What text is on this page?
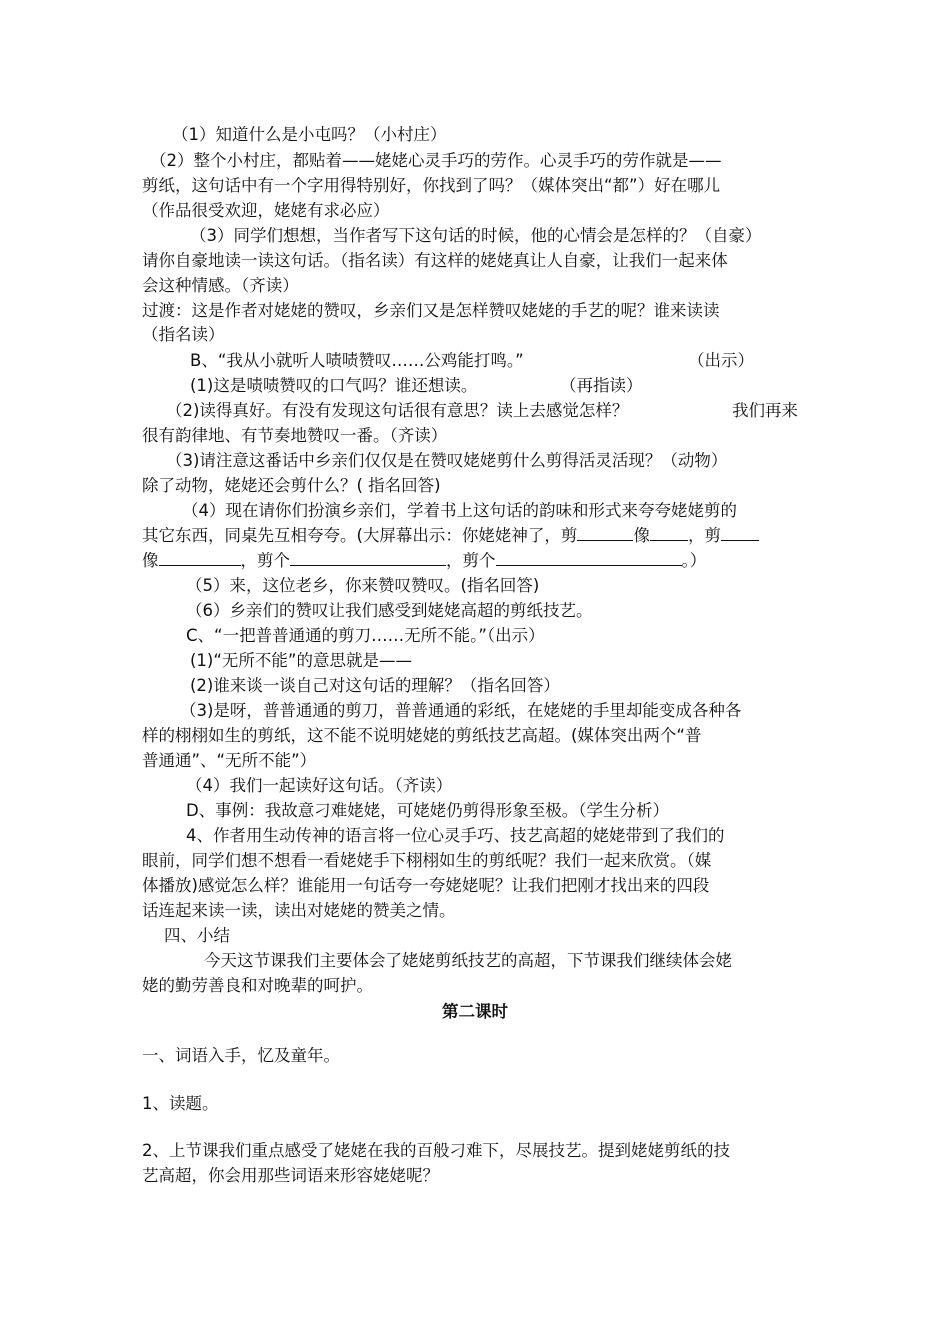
（1）知道什么是小屯吗？（小村庄）
（2）整个小村庄，都贴着——姥姥心灵手巧的劳作。心灵手巧的劳作就是——
剪纸，这句话中有一个字用得特别好，你找到了吗？（媒体突出“都”）好在哪儿
（作品很受欢迎，姥姥有求必应）
（3）同学们想想，当作者写下这句话的时候，他的心情会是怎样的？（自豪）
请你自豪地读一读这句话。（指名读）有这样的姥姥真让人自豪，让我们一起来体
会这种情感。（齐读）
过渡：这是作者对姥姥的赞叹，乡亲们又是怎样赞叹姥姥的手艺的呢？谁来读读
（指名读）
B、“我从小就听人啧啧赞叹……公鸡能打鸣。”	（出示）
(1)这是啧啧赞叹的口气吗？谁还想读。	（再指读）
（2)读得真好。有没有发现这句话很有意思？读上去感觉怎样？	我们再来
很有韵律地、有节奏地赞叹一番。（齐读）
（3)请注意这番话中乡亲们仅仅是在赞叹姥姥剪什么剪得活灵活现？（动物）
除了动物，姥姥还会剪什么？( 指名回答)
（4）现在请你们扮演乡亲们，学着书上这句话的韵味和形式来夸夸姥姥剪的
其它东西，同桌先互相夸夸。(大屏幕出示：你姥姥神了，剪	像 ，剪
像	，剪个	，剪个	。）
（5）来，这位老乡，你来赞叹赞叹。(指名回答)
（6）乡亲们的赞叹让我们感受到姥姥高超的剪纸技艺。
C、“一把普普通通的剪刀……无所不能。”（出示）
(1)“无所不能”的意思就是——
(2)谁来谈一谈自己对这句话的理解？（指名回答）
（3)是呀，普普通通的剪刀，普普通通的彩纸，在姥姥的手里却能变成各种各
样的栩栩如生的剪纸，这不能不说明姥姥的剪纸技艺高超。(媒体突出两个“普
普通通”、“无所不能”）
（4）我们一起读好这句话。（齐读）
D、事例：我故意刁难姥姥，可姥姥仍剪得形象至极。（学生分析）
4、作者用生动传神的语言将一位心灵手巧、技艺高超的姥姥带到了我们的
眼前，同学们想不想看一看姥姥手下栩栩如生的剪纸呢？我们一起来欣赏。（媒
体播放)感觉怎么样？谁能用一句话夸一夸姥姥呢？让我们把刚才找出来的四段
话连起来读一读，读出对姥姥的赞美之情。
四、小结
今天这节课我们主要体会了姥姥剪纸技艺的高超，下节课我们继续体会姥
姥的勤劳善良和对晚辈的呵护。
第二课时
一、词语入手，忆及童年。
1、读题。
2、上节课我们重点感受了姥姥在我的百般刁难下，尽展技艺。提到姥姥剪纸的技
艺高超，你会用那些词语来形容姥姥呢？
